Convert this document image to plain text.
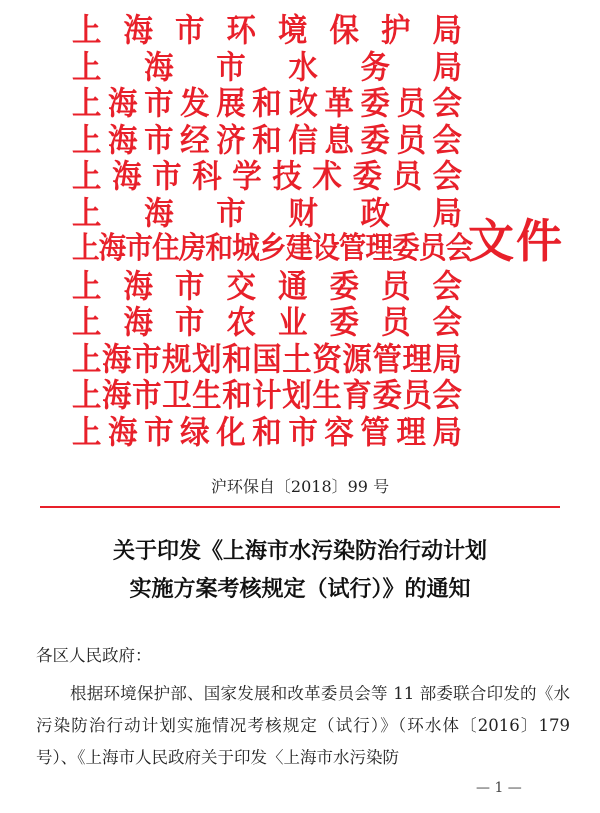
上 海 市 环 境 保 护 局
上 海 市 水 务 局
上 海 市 发 展 和 改 革 委 员 会
上 海 市 经 济 和 信 息 委 员 会
上 海 市 科 学 技 术 委 员 会
上 海 市 财 政 局
上 海 市 住 房 和 城 乡 建 设 管 理 委 员 会
上 海 市 交 通 委 员 会
上 海 市 农 业 委 员 会
上 海 市 规 划 和 国 土 资 源 管 理 局
上 海 市 卫 生 和 计 划 生 育 委 员 会
上 海 市 绿 化 和 市 容 管 理 局
文件
沪环保自〔2018〕99 号
关于印发《上海市水污染防治行动计划
实施方案考核规定（试行）》的通知
各区人民政府：
根据环境保护部、国家发展和改革委员会等 11 部委联合印发的《水污染防治行动计划实施情况考核规定（试行）》（环水体〔2016〕179 号）、《上海市人民政府关于印发〈上海市水污染防
— 1 —
